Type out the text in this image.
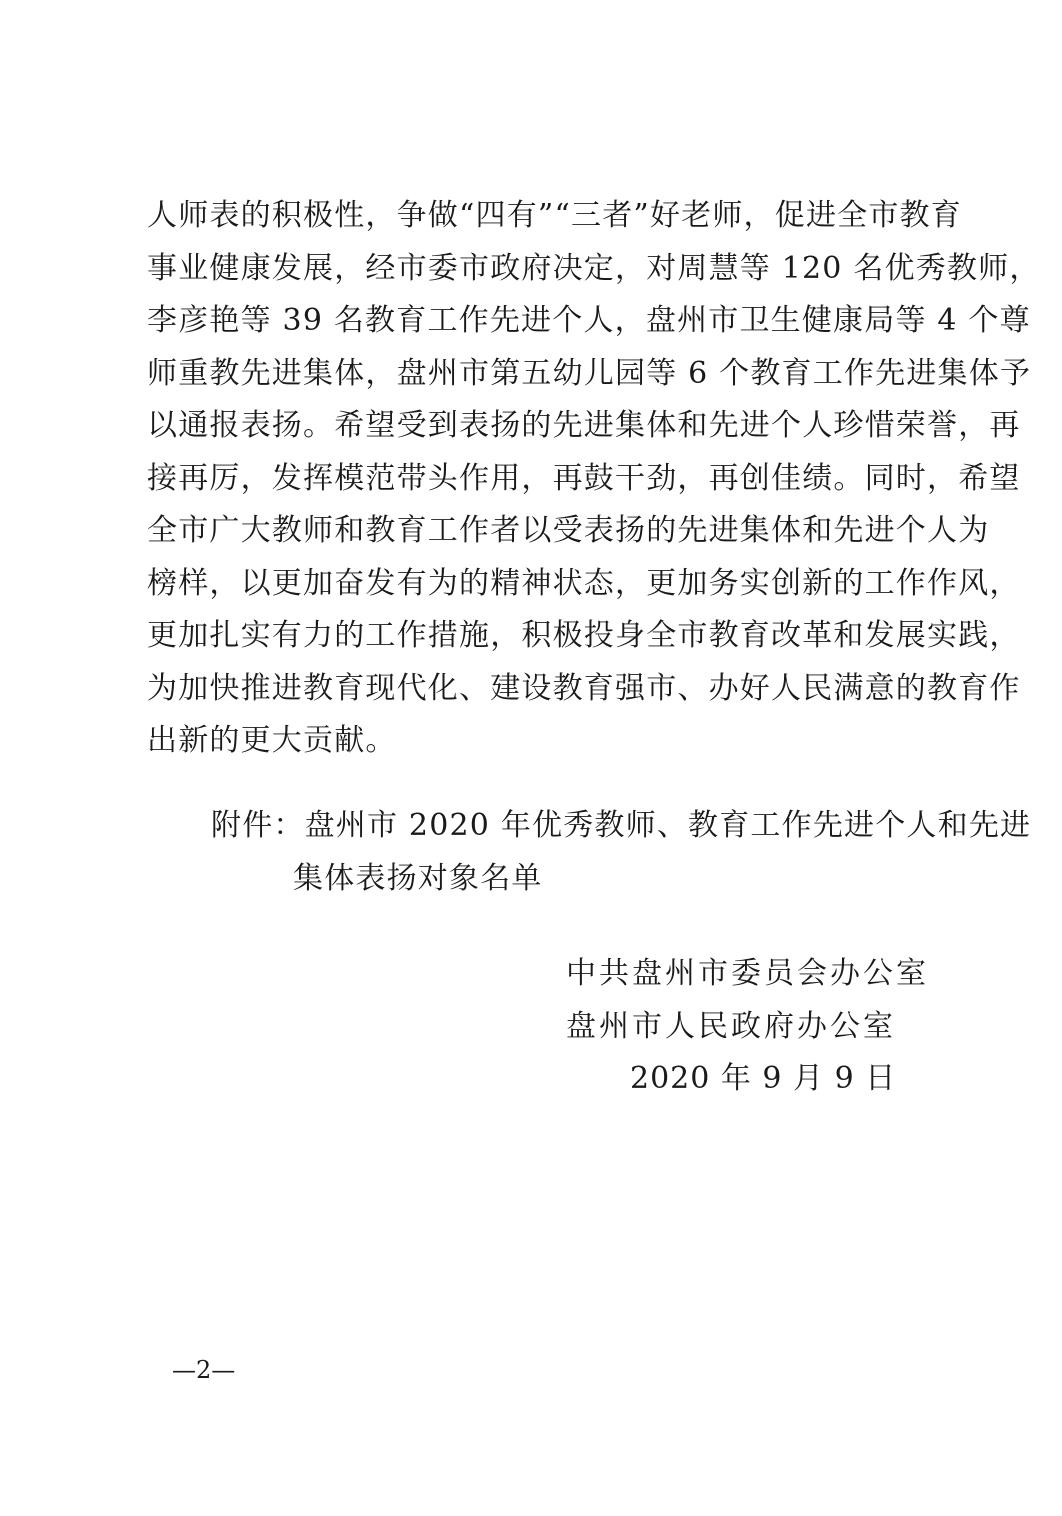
人师表的积极性，争做“四有”“三者”好老师，促进全市教育
事业健康发展，经市委市政府决定，对周慧等 120 名优秀教师，
李彦艳等 39 名教育工作先进个人，盘州市卫生健康局等 4 个尊
师重教先进集体，盘州市第五幼儿园等 6 个教育工作先进集体予
以通报表扬。希望受到表扬的先进集体和先进个人珍惜荣誉，再
接再厉，发挥模范带头作用，再鼓干劲，再创佳绩。同时，希望
全市广大教师和教育工作者以受表扬的先进集体和先进个人为
榜样，以更加奋发有为的精神状态，更加务实创新的工作作风，
更加扎实有力的工作措施，积极投身全市教育改革和发展实践，
为加快推进教育现代化、建设教育强市、办好人民满意的教育作
出新的更大贡献。
附件：盘州市 2020 年优秀教师、教育工作先进个人和先进
集体表扬对象名单
中共盘州市委员会办公室
盘州市人民政府办公室
2020 年 9 月 9 日
—2—
